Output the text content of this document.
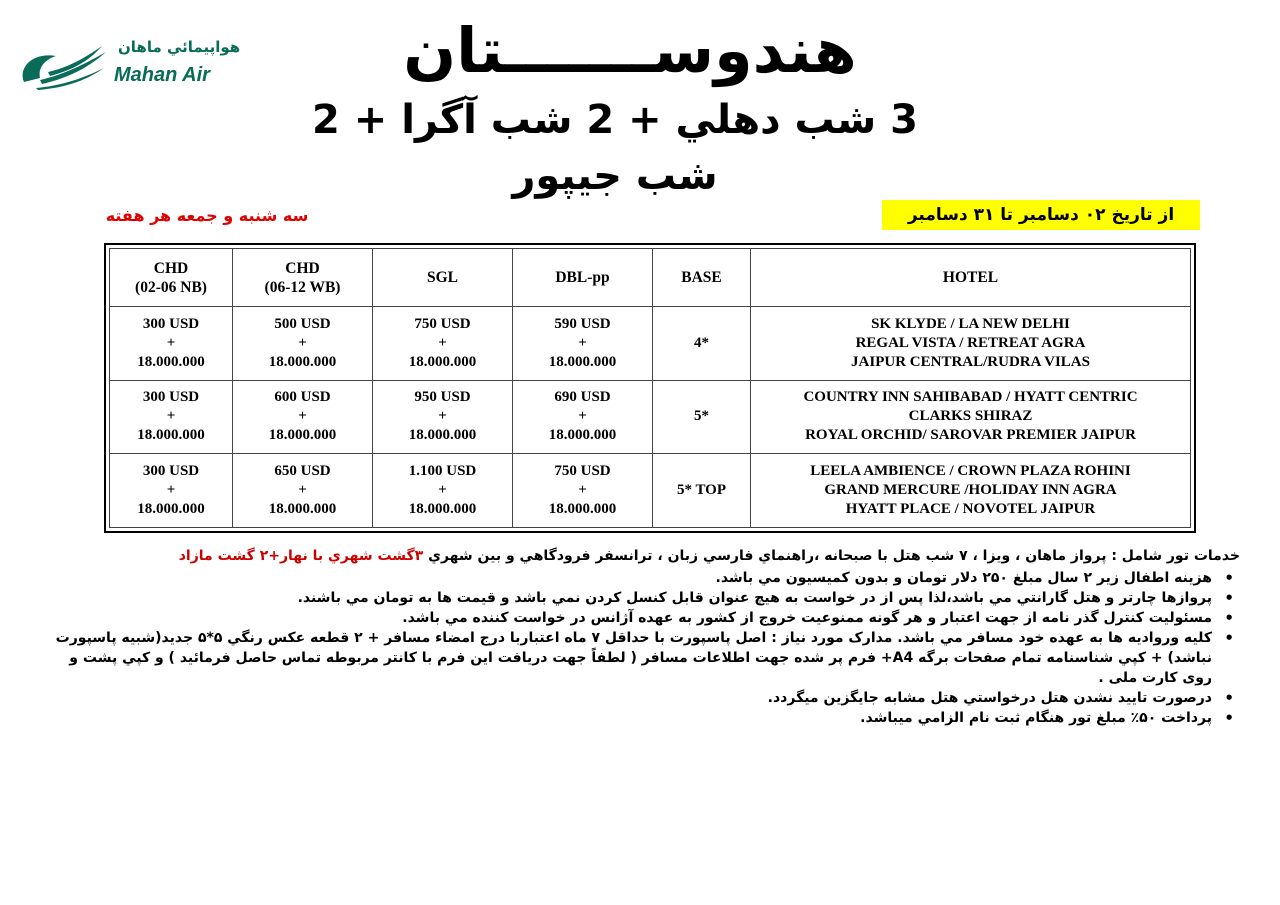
هواپيمائي ماهان
Mahan Air	هندوســـــــتان
3 شب دهلي + 2 شب آگرا + 2 شب جيپور
از تاريخ ۰۲ دسامبر تا ۳۱ دسامبر
سه شنبه و جمعه هر هفته
CHD
(02-06 NB)	CHD
(06-12 WB)	SGL	DBL-pp	BASE	HOTEL
300 USD
+
18.000.000	500 USD
+
18.000.000	750 USD
+
18.000.000	590 USD
+
18.000.000	4*	SK KLYDE / LA NEW DELHI
REGAL VISTA / RETREAT AGRA
JAIPUR CENTRAL/RUDRA VILAS
300 USD
+
18.000.000	600 USD
+
18.000.000	950 USD
+
18.000.000	690 USD
+
18.000.000	5*	COUNTRY INN SAHIBABAD / HYATT CENTRIC
CLARKS SHIRAZ
ROYAL ORCHID/ SAROVAR PREMIER JAIPUR
300 USD
+
18.000.000	650 USD
+
18.000.000	1.100 USD
+
18.000.000	750 USD
+
18.000.000	5* TOP	LEELA AMBIENCE / CROWN PLAZA ROHINI
GRAND MERCURE /HOLIDAY INN AGRA
HYATT PLACE / NOVOTEL JAIPUR
خدمات تور شامل : پرواز ماهان ، ويزا ، ۷ شب هتل با صبحانه ،راهنماي فارسي زبان ، ترانسفر فرودگاهي و بين شهري ۳گشت شهري با نهار+۲ گشت مازاد
• هزينه اطفال زير ۲ سال مبلغ ۲۵۰ دلار تومان و بدون کميسيون مي باشد.
• پروازها چارتر و هتل گارانتي مي باشد،لذا پس از در خواست به هيچ عنوان قابل کنسل کردن نمي باشد و قيمت ها به تومان مي باشند.
• مسئوليت کنترل گذر نامه از جهت اعتبار و هر گونه ممنوعيت خروج از کشور به عهده آژانس در خواست کننده مي باشد.
• کليه ورواديه ها به عهده خود مسافر مي باشد. مدارک مورد نياز : اصل پاسپورت با حداقل ۷ ماه اعتباربا درج امضاء مسافر + ۲ قطعه عکس رنگي ۵*۵ جديد(شبيه پاسپورت نباشد) + کپي شناسنامه تمام صفحات برگه A4+ فرم پر شده جهت اطلاعات مسافر ( لطفاً جهت دريافت اين فرم با کانتر مربوطه تماس حاصل فرمائيد ) و کپي پشت و روی کارت ملی .
• درصورت تاييد نشدن هتل درخواستي هتل مشابه جايگزين ميگردد.
• پرداخت ۵۰٪ مبلغ تور هنگام ثبت نام الزامي ميباشد.
